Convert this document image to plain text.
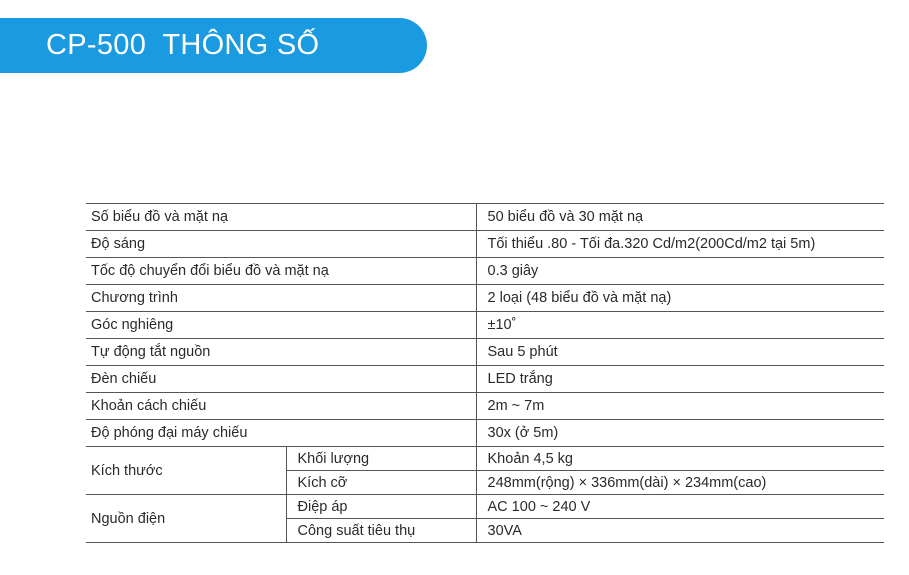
CP-500  THÔNG SỐ
Số biểu đồ và mặt nạ		50 biểu đồ và 30 mặt nạ
Độ sáng		Tối thiểu .80 - Tối đa.320 Cd/m2(200Cd/m2 tại 5m)
Tốc độ chuyển đổi biểu đồ và mặt nạ		0.3 giây
Chương trình		2 loại (48 biểu đồ và mặt nạ)
Góc nghiêng		±10˚
Tự động tắt nguồn		Sau 5 phút
Đèn chiếu		LED trắng
Khoản cách chiếu		2m ~ 7m
Độ phóng đại máy chiếu		30x (ở 5m)
Kích thước	Khối lượng	Khoản 4,5 kg
	Kích cỡ	248mm(rộng) × 336mm(dài) × 234mm(cao)
Nguồn điện	Điệp áp	AC 100 ~ 240 V
	Công suất tiêu thụ	30VA
